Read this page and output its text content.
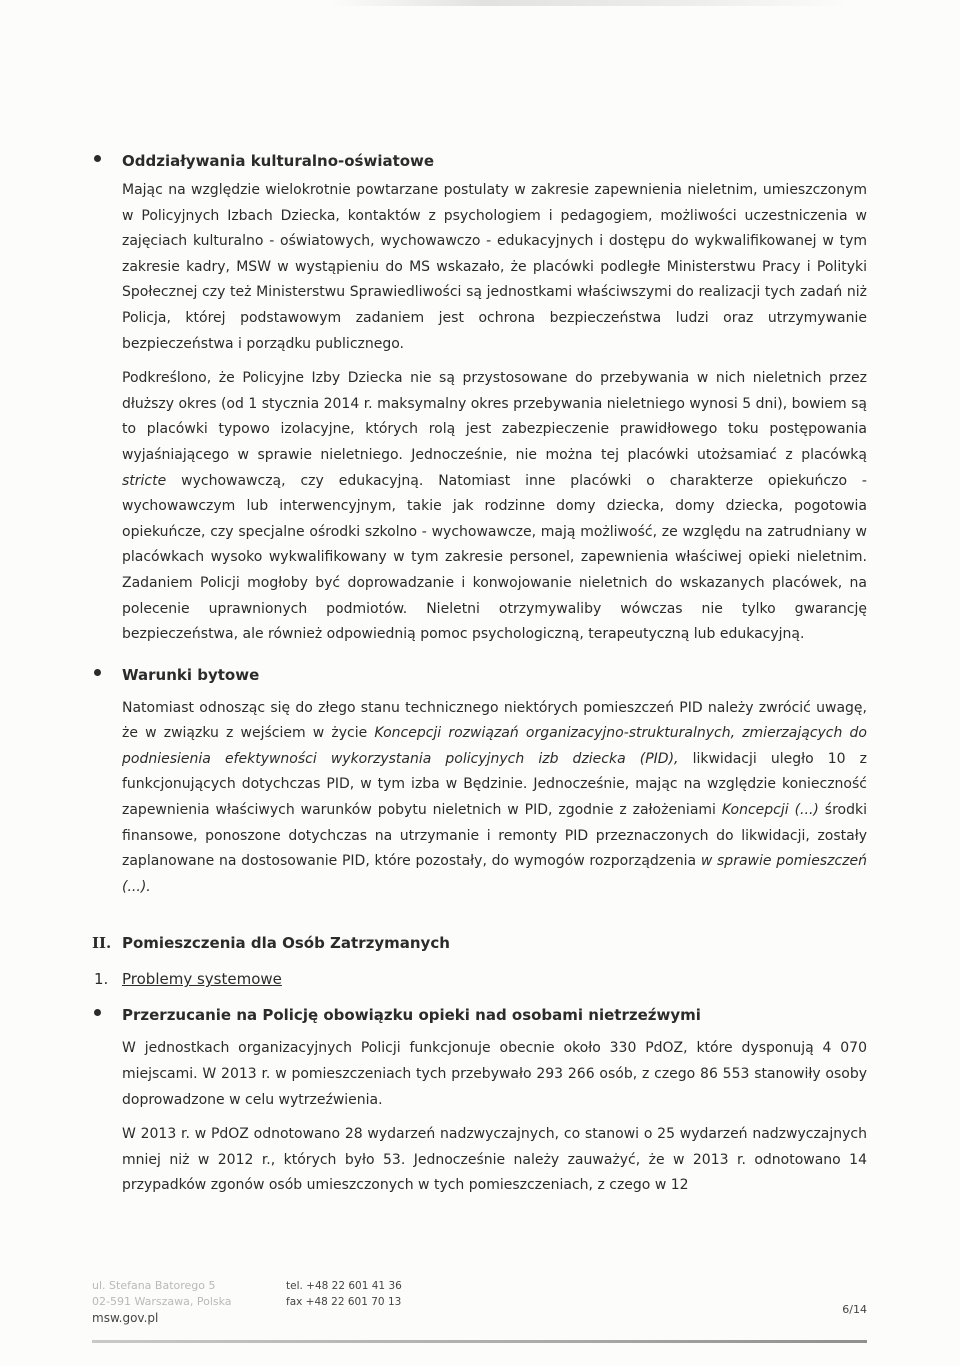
Oddziaływania kulturalno-oświatowe

Mając na względzie wielokrotnie powtarzane postulaty w zakresie zapewnienia nieletnim, umieszczonym w Policyjnych Izbach Dziecka, kontaktów z psychologiem i pedagogiem, możliwości uczestniczenia w zajęciach kulturalno - oświatowych, wychowawczo - edukacyjnych i dostępu do wykwalifikowanej w tym zakresie kadry, MSW w wystąpieniu do MS wskazało, że placówki podległe Ministerstwu Pracy i Polityki Społecznej czy też Ministerstwu Sprawiedliwości są jednostkami właściwszymi do realizacji tych zadań niż Policja, której podstawowym zadaniem jest ochrona bezpieczeństwa ludzi oraz utrzymywanie bezpieczeństwa i porządku publicznego.

Podkreślono, że Policyjne Izby Dziecka nie są przystosowane do przebywania w nich nieletnich przez dłuższy okres (od 1 stycznia 2014 r. maksymalny okres przebywania nieletniego wynosi 5 dni), bowiem są to placówki typowo izolacyjne, których rolą jest zabezpieczenie prawidłowego toku postępowania wyjaśniającego w sprawie nieletniego. Jednocześnie, nie można tej placówki utożsamiać z placówką stricte wychowawczą, czy edukacyjną. Natomiast inne placówki o charakterze opiekuńczo - wychowawczym lub interwencyjnym, takie jak rodzinne domy dziecka, domy dziecka, pogotowia opiekuńcze, czy specjalne ośrodki szkolno - wychowawcze, mają możliwość, ze względu na zatrudniany w placówkach wysoko wykwalifikowany w tym zakresie personel, zapewnienia właściwej opieki nieletnim. Zadaniem Policji mogłoby być doprowadzanie i konwojowanie nieletnich do wskazanych placówek, na polecenie uprawnionych podmiotów. Nieletni otrzymywaliby wówczas nie tylko gwarancję bezpieczeństwa, ale również odpowiednią pomoc psychologiczną, terapeutyczną lub edukacyjną.

Warunki bytowe

Natomiast odnosząc się do złego stanu technicznego niektórych pomieszczeń PID należy zwrócić uwagę, że w związku z wejściem w życie Koncepcji rozwiązań organizacyjno-strukturalnych, zmierzających do podniesienia efektywności wykorzystania policyjnych izb dziecka (PID), likwidacji uległo 10 z funkcjonujących dotychczas PID, w tym izba w Będzinie. Jednocześnie, mając na względzie konieczność zapewnienia właściwych warunków pobytu nieletnich w PID, zgodnie z założeniami Koncepcji (...) środki finansowe, ponoszone dotychczas na utrzymanie i remonty PID przeznaczonych do likwidacji, zostały zaplanowane na dostosowanie PID, które pozostały, do wymogów rozporządzenia w sprawie pomieszczeń (...).

II. Pomieszczenia dla Osób Zatrzymanych
1. Problemy systemowe
Przerzucanie na Policję obowiązku opieki nad osobami nietrzeźwymi

W jednostkach organizacyjnych Policji funkcjonuje obecnie około 330 PdOZ, które dysponują 4 070 miejscami. W 2013 r. w pomieszczeniach tych przebywało 293 266 osób, z czego 86 553 stanowiły osoby doprowadzone w celu wytrzeźwienia.

W 2013 r. w PdOZ odnotowano 28 wydarzeń nadzwyczajnych, co stanowi o 25 wydarzeń nadzwyczajnych mniej niż w 2012 r., których było 53. Jednocześnie należy zauważyć, że w 2013 r. odnotowano 14 przypadków zgonów osób umieszczonych w tych pomieszczeniach, z czego w 12

ul. Stefana Batorego 5
02-591 Warszawa, Polska
msw.gov.pl
tel. +48 22 601 41 36
fax +48 22 601 70 13
6/14
